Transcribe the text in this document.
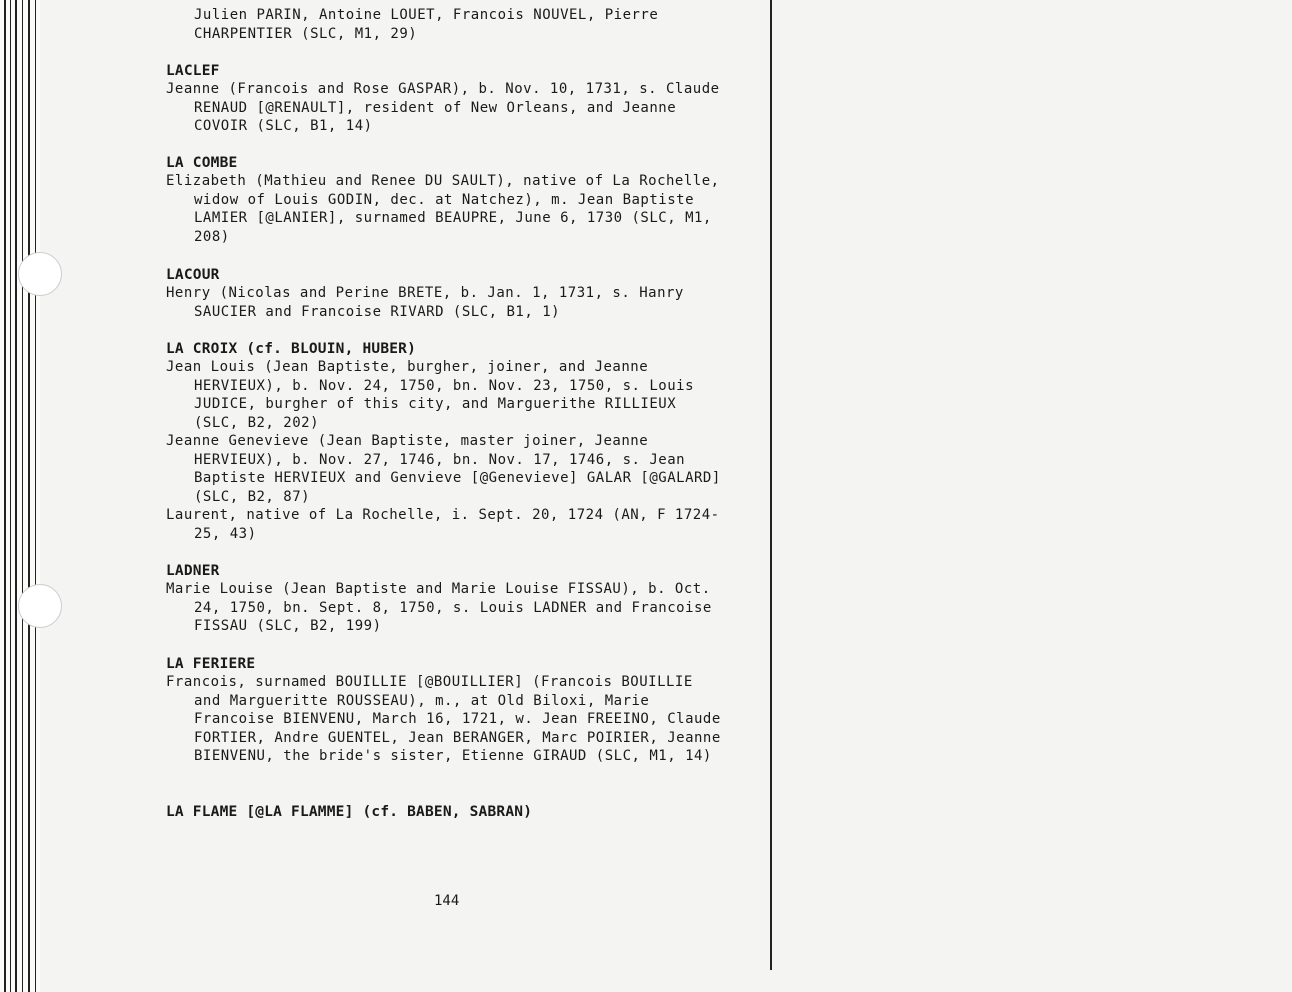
Julien PARIN, Antoine LOUET, Francois NOUVEL, Pierre

CHARPENTIER (SLC, M1, 29)

LACLEF

Jeanne (Francois and Rose GASPAR), b. Nov. 10, 1731, s. Claude RENAUD [@RENAULT], resident of New Orleans, and Jeanne COVOIR (SLC, B1, 14)

LA COMBE

Elizabeth (Mathieu and Renee DU SAULT), native of La Rochelle, widow of Louis GODIN, dec. at Natchez), m. Jean Baptiste LAMIER [@LANIER], surnamed BEAUPRE, June 6, 1730 (SLC, M1, 208)

LACOUR

Henry (Nicolas and Perine BRETE, b. Jan. 1, 1731, s. Hanry SAUCIER and Francoise RIVARD (SLC, B1, 1)

LA CROIX (cf. BLOUIN, HUBER)

Jean Louis (Jean Baptiste, burgher, joiner, and Jeanne HERVIEUX), b. Nov. 24, 1750, bn. Nov. 23, 1750, s. Louis JUDICE, burgher of this city, and Marguerithe RILLIEUX (SLC, B2, 202)

Jeanne Genevieve (Jean Baptiste, master joiner, Jeanne HERVIEUX), b. Nov. 27, 1746, bn. Nov. 17, 1746, s. Jean Baptiste HERVIEUX and Genvieve [@Genevieve] GALAR [@GALARD] (SLC, B2, 87)

Laurent, native of La Rochelle, i. Sept. 20, 1724 (AN, F 1724-25, 43)

LADNER

Marie Louise (Jean Baptiste and Marie Louise FISSAU), b. Oct. 24, 1750, bn. Sept. 8, 1750, s. Louis LADNER and Francoise FISSAU (SLC, B2, 199)

LA FERIERE

Francois, surnamed BOUILLIE [@BOUILLIER] (Francois BOUILLIE and Margueritte ROUSSEAU), m., at Old Biloxi, Marie Francoise BIENVENU, March 16, 1721, w. Jean FREEINO, Claude FORTIER, Andre GUENTEL, Jean BERANGER, Marc POIRIER, Jeanne BIENVENU, the bride's sister, Etienne GIRAUD (SLC, M1, 14)

LA FLAME [@LA FLAMME] (cf. BABEN, SABRAN)

144
